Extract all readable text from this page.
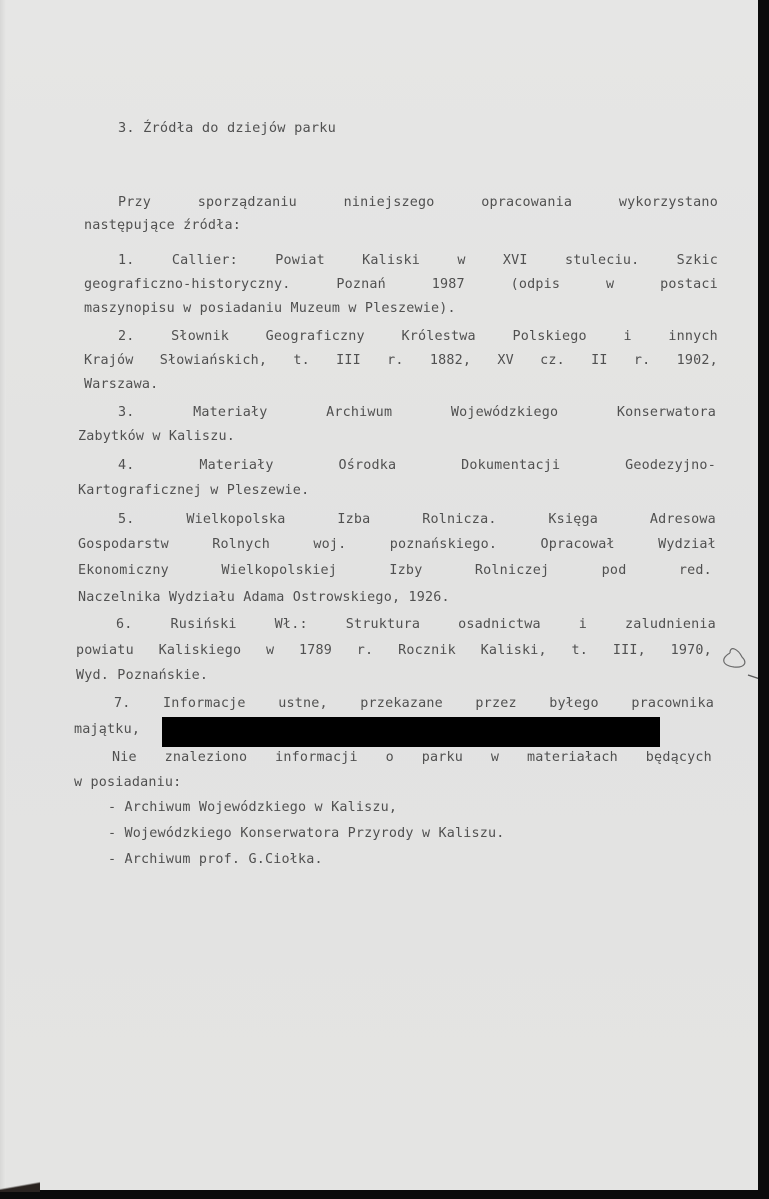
3. Źródła do dziejów parku
Przy	sporządzaniu	niniejszego	opracowania	wykorzystano
następujące źródła:
1.	Callier:	Powiat	Kaliski	w	XVI	stuleciu.	Szkic
geograficzno-historyczny.	Poznań	1987	(odpis	w	postaci
maszynopisu w posiadaniu Muzeum w Pleszewie).
2.	Słownik	Geograficzny	Królestwa	Polskiego	i	innych
Krajów Słowiańskich, t. III r. 1882, XV cz. II r. 1902,
Warszawa.
3.	Materiały	Archiwum	Wojewódzkiego	Konserwatora
Zabytków w Kaliszu.
4.	Materiały	Ośrodka	Dokumentacji	Geodezyjno-
Kartograficznej w Pleszewie.
5.	Wielkopolska	Izba	Rolnicza.	Księga	Adresowa
Gospodarstw	Rolnych	woj.	poznańskiego.	Opracował	Wydział
Ekonomiczny	Wielkopolskiej	Izby	Rolniczej	pod	red.
Naczelnika Wydziału Adama Ostrowskiego, 1926.
6.	Rusiński	Wł.:	Struktura	osadnictwa	i	zaludnienia
powiatu Kaliskiego w 1789 r. Rocznik Kaliski, t. III, 1970,
Wyd. Poznańskie.
7. Informacje ustne, przekazane przez byłego pracownika
majątku,
Nie znaleziono informacji o parku w materiałach będących
w posiadaniu:
- Archiwum Wojewódzkiego w Kaliszu,
- Wojewódzkiego Konserwatora Przyrody w Kaliszu.
- Archiwum prof. G.Ciołka.
